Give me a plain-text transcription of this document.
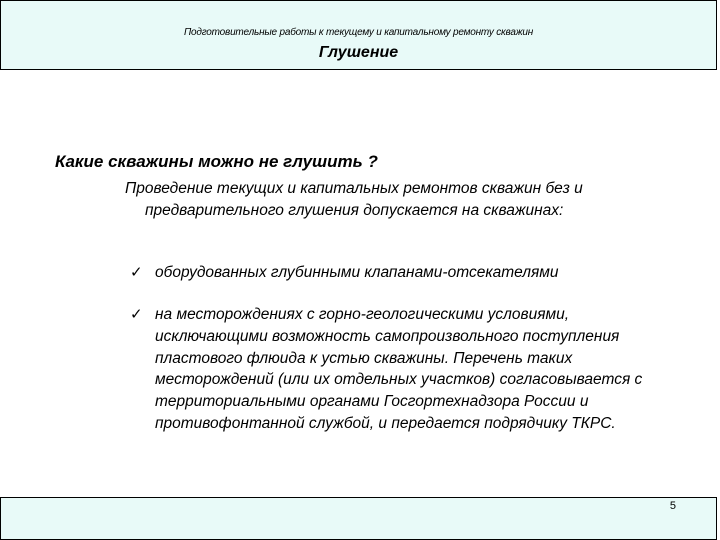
Подготовительные работы к текущему и капитальному ремонту скважин
Глушение

Какие скважины можно не глушить ?

Проведение текущих и капитальных ремонтов скважин без и предварительного глушения допускается на скважинах:

✓ оборудованных глубинными клапанами-отсекателями
✓ на месторождениях с горно-геологическими условиями, исключающими возможность самопроизвольного поступления пластового флюида к устью скважины. Перечень таких месторождений (или их отдельных участков) согласовывается с территориальными органами Госгортехнадзора России и противофонтанной службой, и передается подрядчику ТКРС.
5
